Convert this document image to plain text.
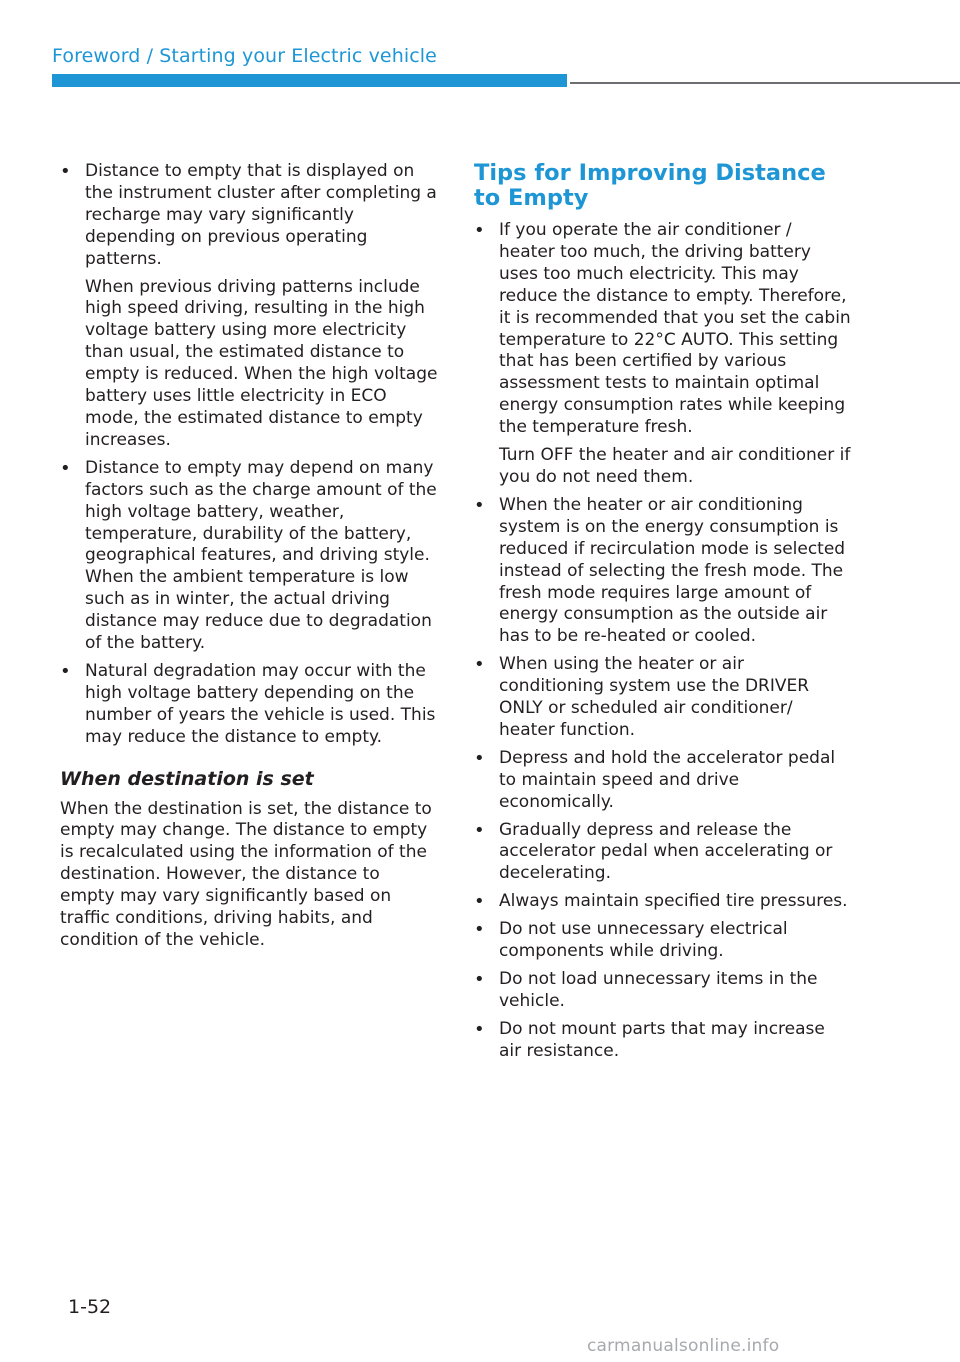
Foreword / Starting your Electric vehicle
• Distance to empty that is displayed on the instrument cluster after completing a recharge may vary significantly depending on previous operating patterns.

When previous driving patterns include high speed driving, resulting in the high voltage battery using more electricity than usual, the estimated distance to empty is reduced. When the high voltage battery uses little electricity in ECO mode, the estimated distance to empty increases.

• Distance to empty may depend on many factors such as the charge amount of the high voltage battery, weather, temperature, durability of the battery, geographical features, and driving style. When the ambient temperature is low such as in winter, the actual driving distance may reduce due to degradation of the battery.

• Natural degradation may occur with the high voltage battery depending on the number of years the vehicle is used. This may reduce the distance to empty.

When destination is set

When the destination is set, the distance to empty may change. The distance to empty is recalculated using the information of the destination. However, the distance to empty may vary significantly based on traffic conditions, driving habits, and condition of the vehicle.

Tips for Improving Distance to Empty
• If you operate the air conditioner / heater too much, the driving battery uses too much electricity. This may reduce the distance to empty. Therefore, it is recommended that you set the cabin temperature to 22°C AUTO. This setting that has been certified by various assessment tests to maintain optimal energy consumption rates while keeping the temperature fresh.

Turn OFF the heater and air conditioner if you do not need them.

• When the heater or air conditioning system is on the energy consumption is reduced if recirculation mode is selected instead of selecting the fresh mode. The fresh mode requires large amount of energy consumption as the outside air has to be re-heated or cooled.

• When using the heater or air conditioning system use the DRIVER ONLY or scheduled air conditioner/ heater function.

• Depress and hold the accelerator pedal to maintain speed and drive economically.

• Gradually depress and release the accelerator pedal when accelerating or decelerating.

• Always maintain specified tire pressures.

• Do not use unnecessary electrical components while driving.

• Do not load unnecessary items in the vehicle.

• Do not mount parts that may increase air resistance.

1-52
carmanualsonline.info
